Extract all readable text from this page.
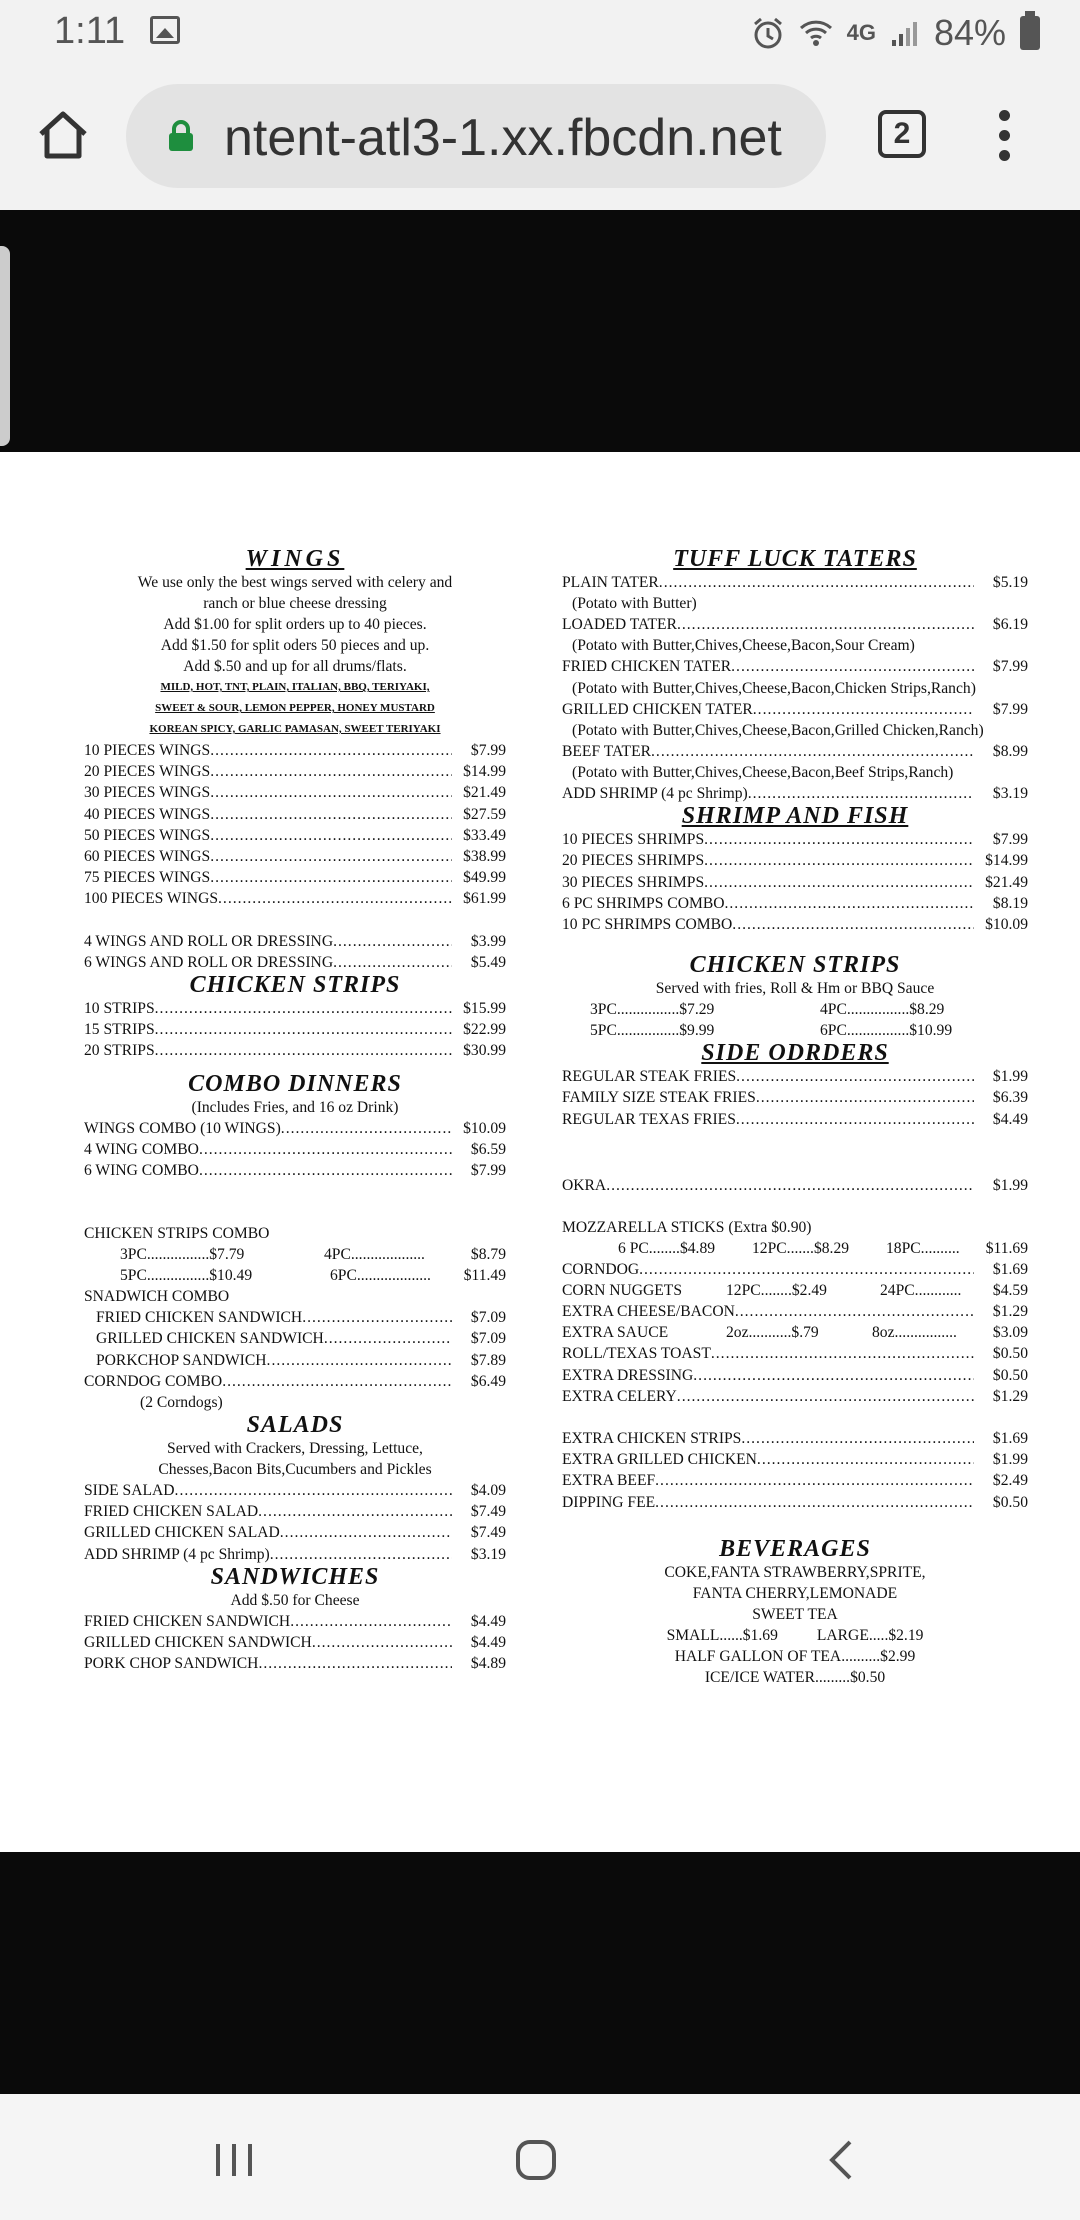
1:11	4G 84%
ntent-atl3-1.xx.fbcdn.net	2
WINGS
We use only the best wings served with celery and
ranch or blue cheese dressing
Add $1.00 for split orders up to 40 pieces.
Add $1.50 for split oders 50 pieces and up.
Add $.50 and up for all drums/flats.
MILD, HOT, TNT, PLAIN, ITALIAN, BBQ, TERIYAKI,
SWEET & SOUR, LEMON PEPPER, HONEY MUSTARD
KOREAN SPICY, GARLIC PAMASAN, SWEET TERIYAKI
10 PIECES WINGS .....	$7.99
20 PIECES WINGS .....	$14.99
30 PIECES WINGS .....	$21.49
40 PIECES WINGS .....	$27.59
50 PIECES WINGS .....	$33.49
60 PIECES WINGS .....	$38.99
75 PIECES WINGS .....	$49.99
100 PIECES WINGS .....	$61.99
4 WINGS AND ROLL OR DRESSING .....	$3.99
6 WINGS AND ROLL OR DRESSING .....	$5.49
CHICKEN STRIPS
10 STRIPS .....	$15.99
15 STRIPS .....	$22.99
20 STRIPS .....	$30.99
COMBO DINNERS
(Includes Fries, and 16 oz Drink)
WINGS COMBO (10 WINGS) .....	$10.09
4 WING COMBO .....	$6.59
6 WING COMBO .....	$7.99
CHICKEN STRIPS COMBO
3PC................$7.79	4PC...................	$8.79
5PC................$10.49	6PC................... $11.49
SNADWICH COMBO
FRIED CHICKEN SANDWICH .....	$7.09
GRILLED CHICKEN SANDWICH .....	$7.09
PORKCHOP SANDWICH .....	$7.89
CORNDOG COMBO .....	$6.49
(2 Corndogs)
SALADS
Served with Crackers, Dressing, Lettuce,
Chesses,Bacon Bits,Cucumbers and Pickles
SIDE SALAD .....	$4.09
FRIED CHICKEN SALAD .....	$7.49
GRILLED CHICKEN SALAD .....	$7.49
ADD SHRIMP (4 pc Shrimp) .....	$3.19
SANDWICHES
Add $.50 for Cheese
FRIED CHICKEN SANDWICH .....	$4.49
GRILLED CHICKEN SANDWICH .....	$4.49
PORK CHOP SANDWICH .....	$4.89
TUFF LUCK TATERS
PLAIN TATER .....	$5.19
(Potato with Butter)
LOADED TATER .....	$6.19
(Potato with Butter,Chives,Cheese,Bacon,Sour Cream)
FRIED CHICKEN TATER .....	$7.99
(Potato with Butter,Chives,Cheese,Bacon,Chicken Strips,Ranch)
GRILLED CHICKEN TATER .....	$7.99
(Potato with Butter,Chives,Cheese,Bacon,Grilled Chicken,Ranch)
BEEF TATER .....	$8.99
(Potato with Butter,Chives,Cheese,Bacon,Beef Strips,Ranch)
ADD SHRIMP (4 pc Shrimp) .....	$3.19
SHRIMP AND FISH
10 PIECES SHRIMPS .....	$7.99
20 PIECES SHRIMPS .....	$14.99
30 PIECES SHRIMPS .....	$21.49
6 PC SHRIMPS COMBO .....	$8.19
10 PC SHRIMPS COMBO .....	$10.09
CHICKEN STRIPS
Served with fries, Roll & Hm or BBQ Sauce
3PC................$7.29	4PC................$8.29
5PC................$9.99	6PC................$10.99
SIDE ODRDERS
REGULAR STEAK FRIES .....	$1.99
FAMILY SIZE STEAK FRIES .....	$6.39
REGULAR TEXAS FRIES .....	$4.49
OKRA .....	$1.99
MOZZARELLA STICKS (Extra $0.90)
6 PC........$4.89 12PC.......$8.29 18PC.......... $11.69
CORNDOG .....	$1.69
CORN NUGGETS	12PC........$2.49	24PC............ $4.59
EXTRA CHEESE/BACON .....	$1.29
EXTRA SAUCE	2oz...........$.79	8oz................ $3.09
ROLL/TEXAS TOAST .....	$0.50
EXTRA DRESSING .....	$0.50
EXTRA CELERY .....	$1.29
EXTRA CHICKEN STRIPS .....	$1.69
EXTRA GRILLED CHICKEN .....	$1.99
EXTRA BEEF .....	$2.49
DIPPING FEE .....	$0.50
BEVERAGES
COKE,FANTA STRAWBERRY,SPRITE,
FANTA CHERRY,LEMONADE
SWEET TEA
SMALL......$1.69          LARGE.....$2.19
HALF GALLON OF TEA..........$2.99
ICE/ICE WATER.........$0.50
